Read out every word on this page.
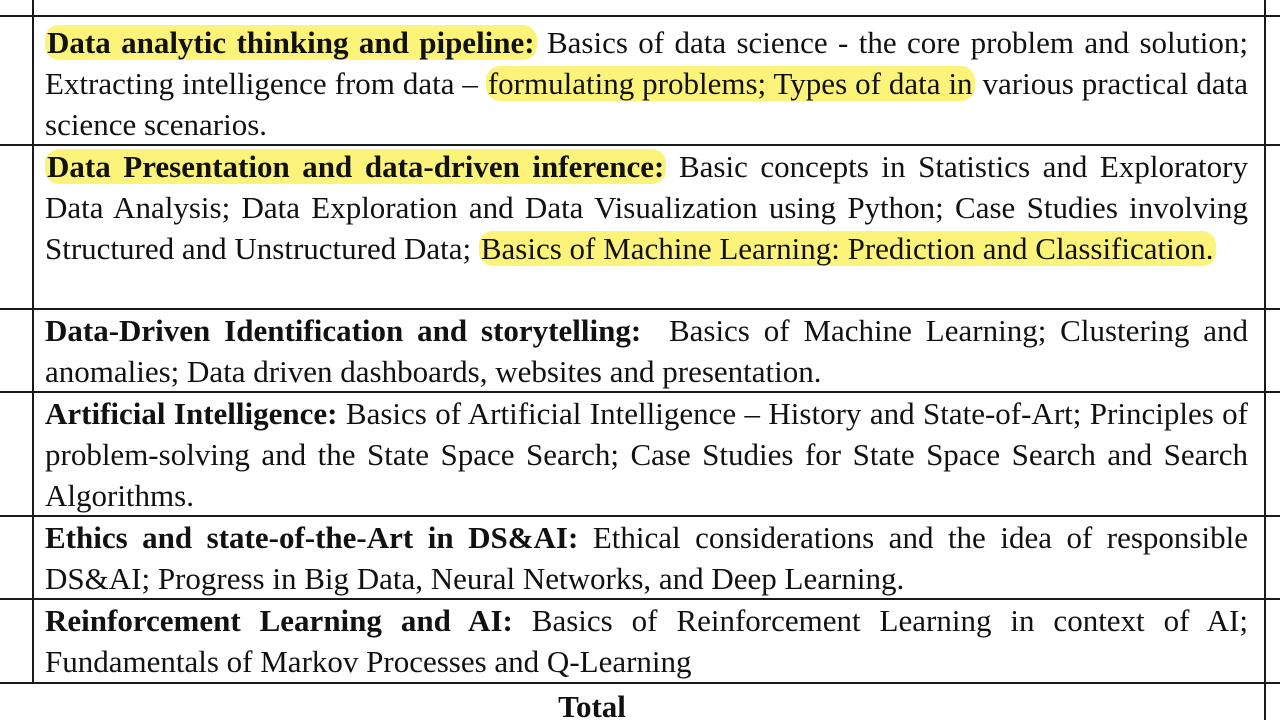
Data analytic thinking and pipeline: Basics of data science - the core problem and solution; Extracting intelligence from data – formulating problems; Types of data in various practical data science scenarios.
Data Presentation and data-driven inference: Basic concepts in Statistics and Exploratory Data Analysis; Data Exploration and Data Visualization using Python; Case Studies involving Structured and Unstructured Data; Basics of Machine Learning: Prediction and Classification.
Data-Driven Identification and storytelling:  Basics of Machine Learning; Clustering and anomalies; Data driven dashboards, websites and presentation.
Artificial Intelligence: Basics of Artificial Intelligence – History and State-of-Art; Principles of problem-solving and the State Space Search; Case Studies for State Space Search and Search Algorithms.
Ethics and state-of-the-Art in DS&AI: Ethical considerations and the idea of responsible DS&AI; Progress in Big Data, Neural Networks, and Deep Learning.
Reinforcement Learning and AI: Basics of Reinforcement Learning in context of AI; Fundamentals of Markov Processes and Q-Learning
Total
